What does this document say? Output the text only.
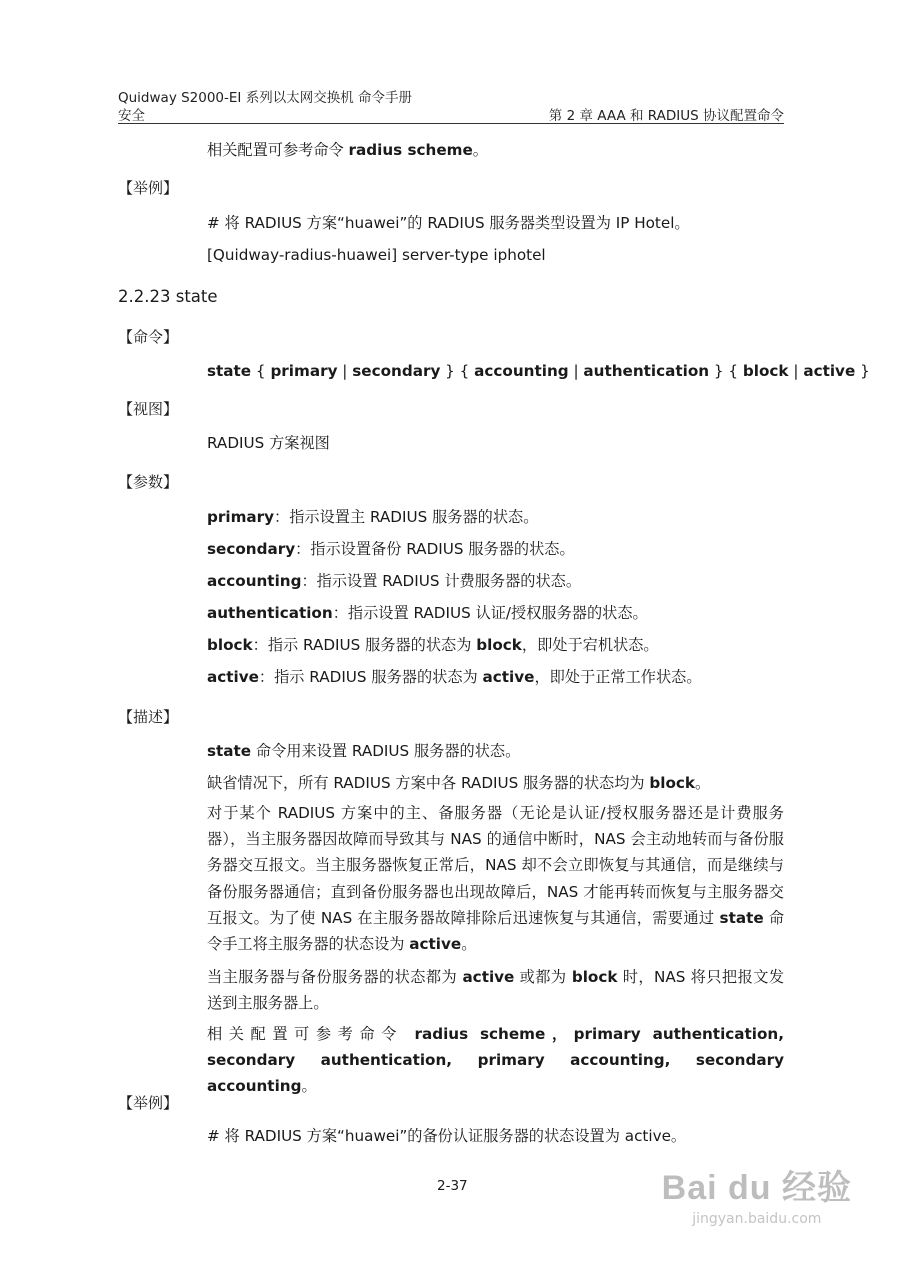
Quidway S2000-EI 系列以太网交换机 命令手册
安全	第 2 章 AAA 和 RADIUS 协议配置命令
相关配置可参考命令 radius scheme。
【举例】
# 将 RADIUS 方案“huawei”的 RADIUS 服务器类型设置为 IP Hotel。
[Quidway-radius-huawei] server-type iphotel
2.2.23 state
【命令】
state { primary | secondary } { accounting | authentication } { block | active }
【视图】
RADIUS 方案视图
【参数】
primary：指示设置主 RADIUS 服务器的状态。
secondary：指示设置备份 RADIUS 服务器的状态。
accounting：指示设置 RADIUS 计费服务器的状态。
authentication：指示设置 RADIUS 认证/授权服务器的状态。
block：指示 RADIUS 服务器的状态为 block，即处于宕机状态。
active：指示 RADIUS 服务器的状态为 active，即处于正常工作状态。
【描述】
state 命令用来设置 RADIUS 服务器的状态。
缺省情况下，所有 RADIUS 方案中各 RADIUS 服务器的状态均为 block。
对于某个 RADIUS 方案中的主、备服务器（无论是认证/授权服务器还是计费服务器），当主服务器因故障而导致其与 NAS 的通信中断时，NAS 会主动地转而与备份服务器交互报文。当主服务器恢复正常后，NAS 却不会立即恢复与其通信，而是继续与备份服务器通信；直到备份服务器也出现故障后，NAS 才能再转而恢复与主服务器交互报文。为了使 NAS 在主服务器故障排除后迅速恢复与其通信，需要通过 state 命令手工将主服务器的状态设为 active。
当主服务器与备份服务器的状态都为 active 或都为 block 时，NAS 将只把报文发送到主服务器上。
相关配置可参考命令 radius scheme，primary authentication, secondary authentication, primary accounting, secondary accounting。
【举例】
# 将 RADIUS 方案“huawei”的备份认证服务器的状态设置为 active。
2-37	Bai du 经验
jingyan.baidu.com
